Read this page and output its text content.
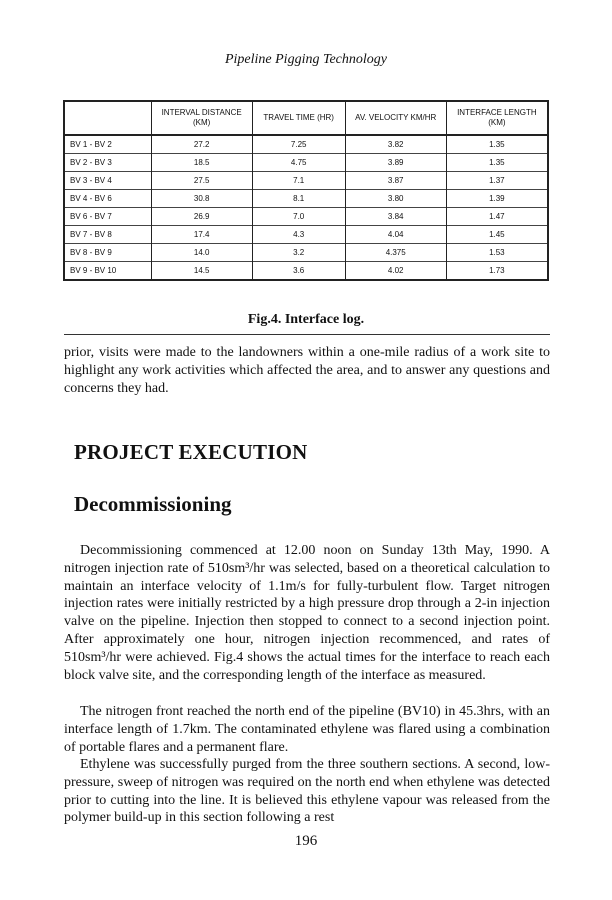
Pipeline Pigging Technology
	INTERVAL DISTANCE (KM)	TRAVEL TIME (HR)	AV. VELOCITY KM/HR	INTERFACE LENGTH (KM)
BV 1 - BV 2	27.2	7.25	3.82	1.35
BV 2 - BV 3	18.5	4.75	3.89	1.35
BV 3 - BV 4	27.5	7.1	3.87	1.37
BV 4 - BV 6	30.8	8.1	3.80	1.39
BV 6 - BV 7	26.9	7.0	3.84	1.47
BV 7 - BV 8	17.4	4.3	4.04	1.45
BV 8 - BV 9	14.0	3.2	4.375	1.53
BV 9 - BV 10	14.5	3.6	4.02	1.73
Fig.4. Interface log.

prior, visits were made to the landowners within a one-mile radius of a work site to highlight any work activities which affected the area, and to answer any questions and concerns they had.

PROJECT EXECUTION
Decommissioning

Decommissioning commenced at 12.00 noon on Sunday 13th May, 1990. A nitrogen injection rate of 510sm³/hr was selected, based on a theoretical calculation to maintain an interface velocity of 1.1m/s for fully-turbulent flow. Target nitrogen injection rates were initially restricted by a high pressure drop through a 2-in injection valve on the pipeline. Injection then stopped to connect to a second injection point. After approximately one hour, nitrogen injection recommenced, and rates of 510sm³/hr were achieved. Fig.4 shows the actual times for the interface to reach each block valve site, and the corresponding length of the interface as measured.

The nitrogen front reached the north end of the pipeline (BV10) in 45.3hrs, with an interface length of 1.7km. The contaminated ethylene was flared using a combination of portable flares and a permanent flare.

Ethylene was successfully purged from the three southern sections. A second, low-pressure, sweep of nitrogen was required on the north end when ethylene was detected prior to cutting into the line. It is believed this ethylene vapour was released from the polymer build-up in this section following a rest

196
